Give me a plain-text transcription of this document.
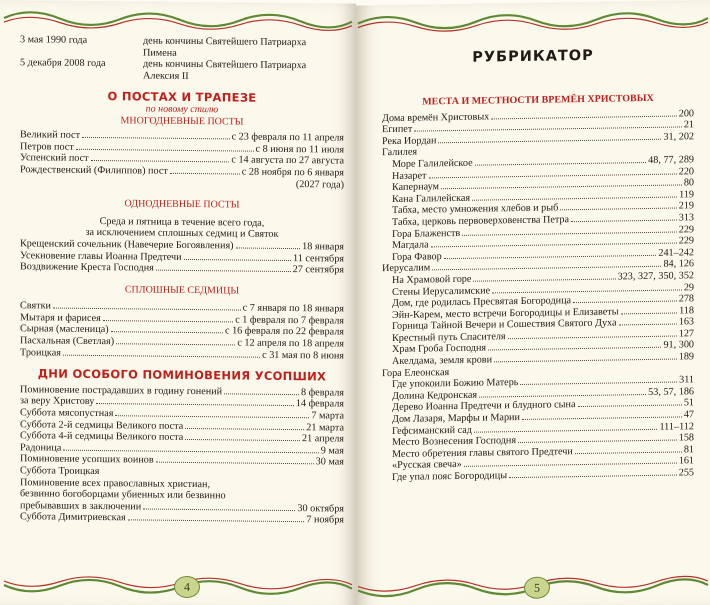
3 мая 1990 года	день кончины Святейшего Патриарха
Пимена
5 декабря 2008 года	день кончины Святейшего Патриарха
Алексия II
О ПОСТАХ И ТРАПЕЗЕ
по новому стилю
МНОГОДНЕВНЫЕ ПОСТЫ
Великий пост	с 23 февраля по 11 апреля
Петров пост	с 8 июня по 11 июля
Успенский пост	с 14 августа по 27 августа
Рождественский (Филиппов) пост	с 28 ноября по 6 января
(2027 года)
ОДНОДНЕВНЫЕ ПОСТЫ
Среда и пятница в течение всего года,
за исключением сплошных седмиц и Святок
Крещенский сочельник (Навечерие Богоявления)	18 января
Усекновение главы Иоанна Предтечи	11 сентября
Воздвижение Креста Господня	27 сентября
СПЛОШНЫЕ СЕДМИЦЫ
Святки	с 7 января по 18 января
Мытаря и фарисея	с 1 февраля по 7 февраля
Сырная (масленица)	с 16 февраля по 22 февраля
Пасхальная (Светлая)	с 12 апреля по 18 апреля
Троицкая	с 31 мая по 8 июня
ДНИ ОСОБОГО ПОМИНОВЕНИЯ УСОПШИХ
Поминовение пострадавших в годину гонений	8 февраля
за веру Христову	14 февраля
Суббота мясопустная	7 марта
Суббота 2-й седмицы Великого поста	21 марта
Суббота 4-й седмицы Великого поста	21 апреля
Радоница	9 мая
Поминовение усопших воинов	30 мая
Суббота Троицкая
Поминовение всех православных христиан,
безвинно богоборцами убиенных или безвинно
пребывавших в заключении	30 октября
Суббота Димитриевская	7 ноября
4
РУБРИКАТОР
МЕСТА И МЕСТНОСТИ ВРЕМЁН ХРИСТОВЫХ
Дома времён Христовых	200
Египет	21
Река Иордан	31, 202
Галилея
Море Галилейское	48, 77, 289
Назарет	220
Капернаум	80
Кана Галилейская	119
Табха, место умножения хлебов и рыб	219
Табха, церковь первоверховенства Петра	313
Гора Блаженств	229
Магдала	229
Гора Фавор	241–242
Иерусалим	84, 126
На Храмовой горе	323, 327, 350, 352
Стены Иерусалимские	29
Дом, где родилась Пресвятая Богородица	278
Эйн-Карем, место встречи Богородицы и Елизаветы	118
Горница Тайной Вечери и Сошествия Святого Духа	163
Крестный путь Спасителя	127
Храм Гроба Господня	91, 300
Акелдама, земля крови	189
Гора Елеонская
Где упокоили Божию Матерь	311
Долина Кедронская	53, 57, 186
Дерево Иоанна Предтечи и блудного сына	51
Дом Лазаря, Марфы и Марии	47
Гефсиманский сад	111–112
Место Вознесения Господня	158
Место обретения главы святого Предтечи	81
«Русская свеча»	161
Где упал пояс Богородицы	255
5
